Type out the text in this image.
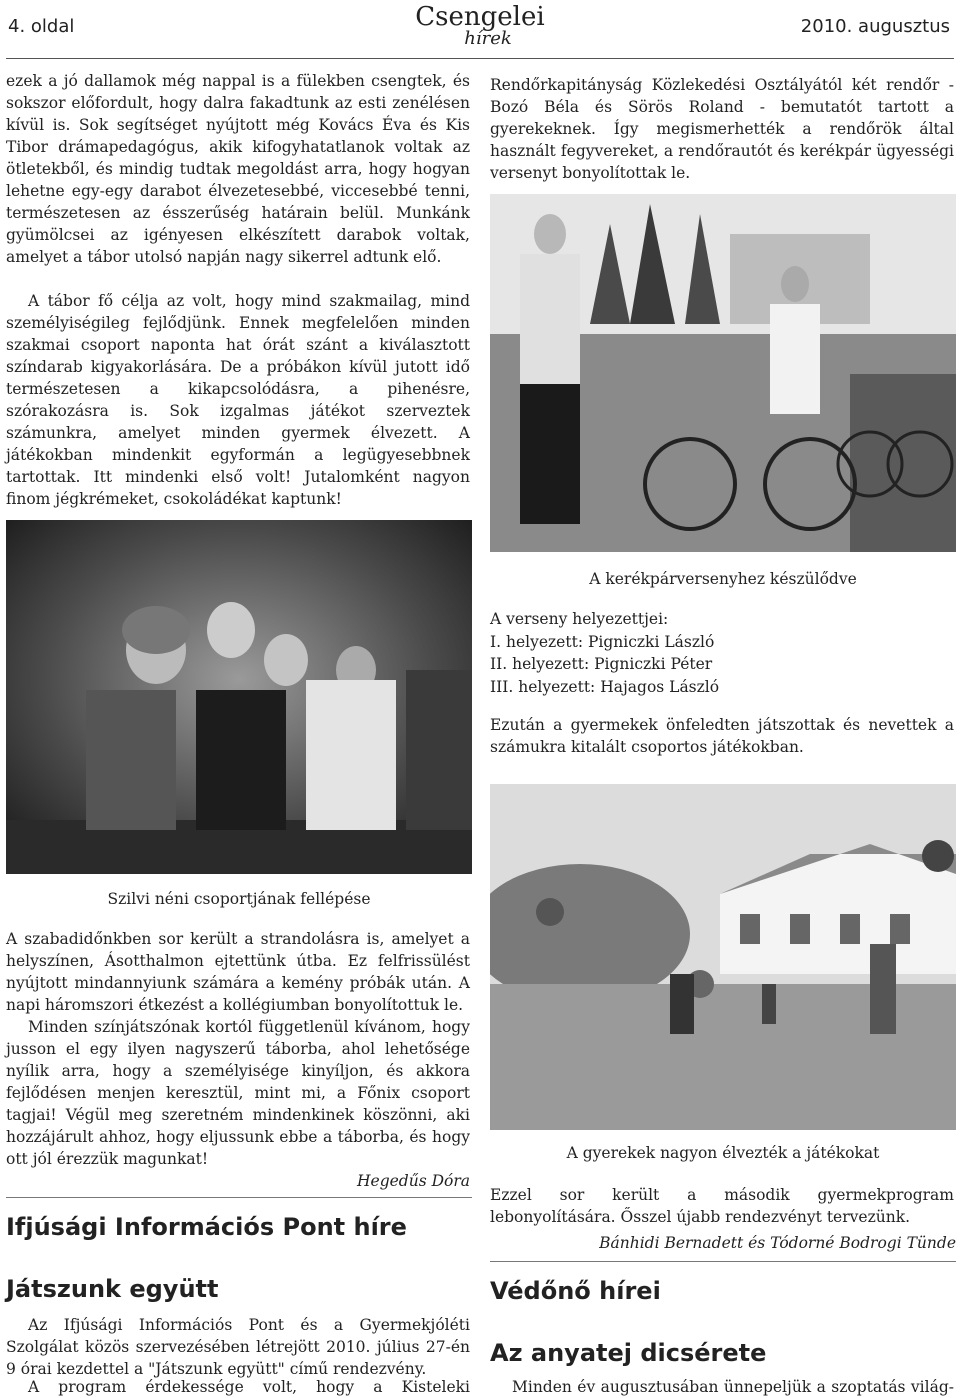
4. oldal	Csengelei
hírek
2010. augusztus

ezek a jó dallamok még nappal is a fülekben csengtek, és sokszor előfordult, hogy dalra fakadtunk az esti zenélésen kívül is. Sok segítséget nyújtott még Kovács Éva és Kis Tibor drámapedagógus, akik kifogyhatatlanok voltak az ötletekből, és mindig tudtak megoldást arra, hogy hogyan lehetne egy-egy darabot élvezetesebbé, viccesebbé tenni, természetesen az ésszerűség határain belül. Munkánk gyümölcsei az igényesen elkészített darabok voltak, amelyet a tábor utolsó napján nagy sikerrel adtunk elő.

A tábor fő célja az volt, hogy mind szakmailag, mind személyiségileg fejlődjünk. Ennek megfelelően minden szakmai csoport naponta hat órát szánt a kiválasztott színdarab kigyakorlására. De a próbákon kívül jutott idő természetesen a kikapcsolódásra, a pihenésre, szórakozásra is. Sok izgalmas játékot szerveztek számunkra, amelyet minden gyermek élvezett. A játékokban mindenkit egyformán a legügyesebbnek tartottak. Itt mindenki első volt! Jutalomként nagyon finom jégkrémeket, csokoládékat kaptunk!

Szilvi néni csoportjának fellépése

A szabadidőnkben sor került a strandolásra is, amelyet a helyszínen, Ásotthalmon ejtettünk útba. Ez felfrissülést nyújtott mindannyiunk számára a kemény próbák után. A napi háromszori étkezést a kollégiumban bonyolítottuk le.

Minden színjátszónak kortól függetlenül kívánom, hogy jusson el egy ilyen nagyszerű táborba, ahol lehetősége nyílik arra, hogy a személyisége kinyíljon, és akkora fejlődésen menjen keresztül, mint mi, a Főnix csoport tagjai! Végül meg szeretném mindenkinek köszönni, aki hozzájárult ahhoz, hogy eljussunk ebbe a táborba, és hogy ott jól érezzük magunkat!

Hegedűs Dóra
Ifjúsági Információs Pont híre
Játszunk együtt

Az Ifjúsági Információs Pont és a Gyermekjóléti Szolgálat közös szervezésében létrejött 2010. július 27-én 9 órai kezdettel a "Játszunk együtt" című rendezvény.

A program érdekessége volt, hogy a Kisteleki

Rendőrkapitányság Közlekedési Osztályától két rendőr - Bozó Béla és Sörös Roland - bemutatót tartott a gyerekeknek. Így megismerhették a rendőrök által használt fegyvereket, a rendőrautót és kerékpár ügyességi versenyt bonyolítottak le.

A kerékpárversenyhez készülődve
A verseny helyezettjei:
I. helyezett: Pigniczki László
II. helyezett: Pigniczki Péter
III. helyezett: Hajagos László

Ezután a gyermekek önfeledten játszottak és nevettek a számukra kitalált csoportos játékokban.

A gyerekek nagyon élvezték a játékokat

Ezzel sor került a második gyermekprogram lebonyolítására. Ősszel újabb rendezvényt tervezünk.

Bánhidi Bernadett és Tódorné Bodrogi Tünde
Védőnő hírei
Az anyatej dicsérete

Minden év augusztusában ünnepeljük a szoptatás világ-
